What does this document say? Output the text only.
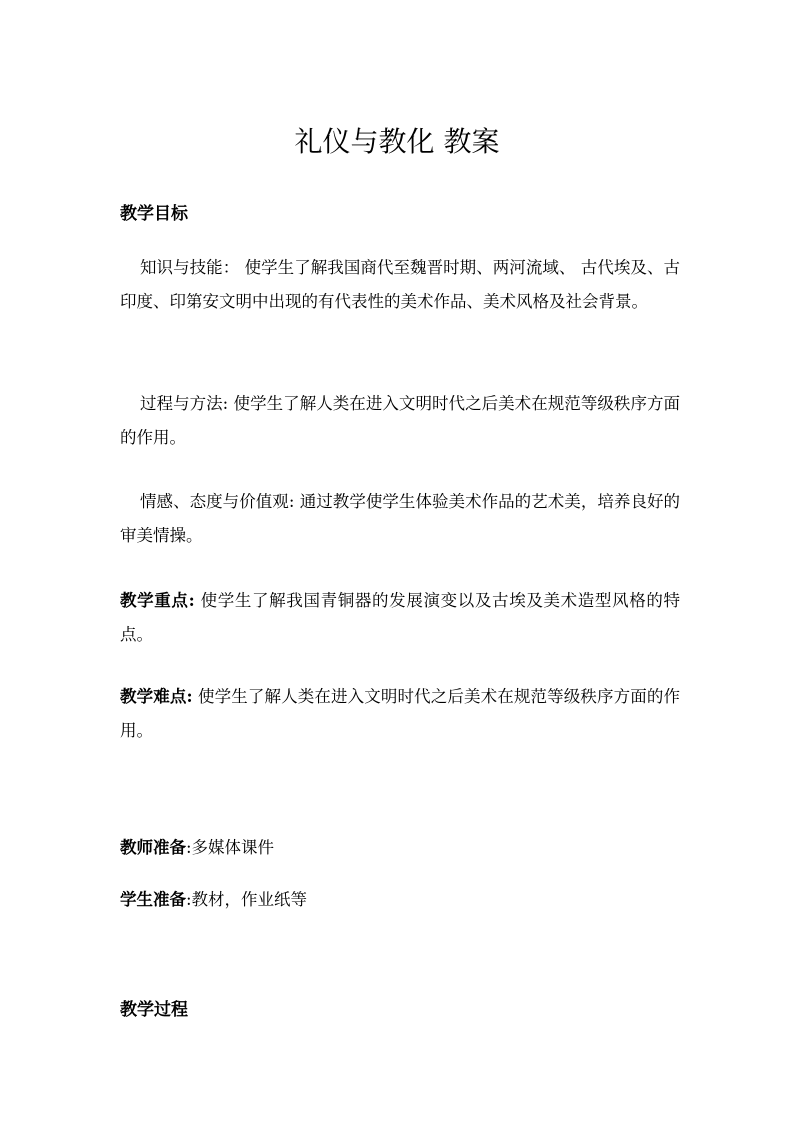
礼仪与教化 教案
教学目标

知识与技能： 使学生了解我国商代至魏晋时期、两河流域、 古代埃及、古印度、印第安文明中出现的有代表性的美术作品、美术风格及社会背景。

过程与方法: 使学生了解人类在进入文明时代之后美术在规范等级秩序方面的作用。

情感、态度与价值观: 通过教学使学生体验美术作品的艺术美，培养良好的审美情操。

教学重点: 使学生了解我国青铜器的发展演变以及古埃及美术造型风格的特点。

教学难点: 使学生了解人类在进入文明时代之后美术在规范等级秩序方面的作用。

教师准备:多媒体课件

学生准备:教材，作业纸等

教学过程
